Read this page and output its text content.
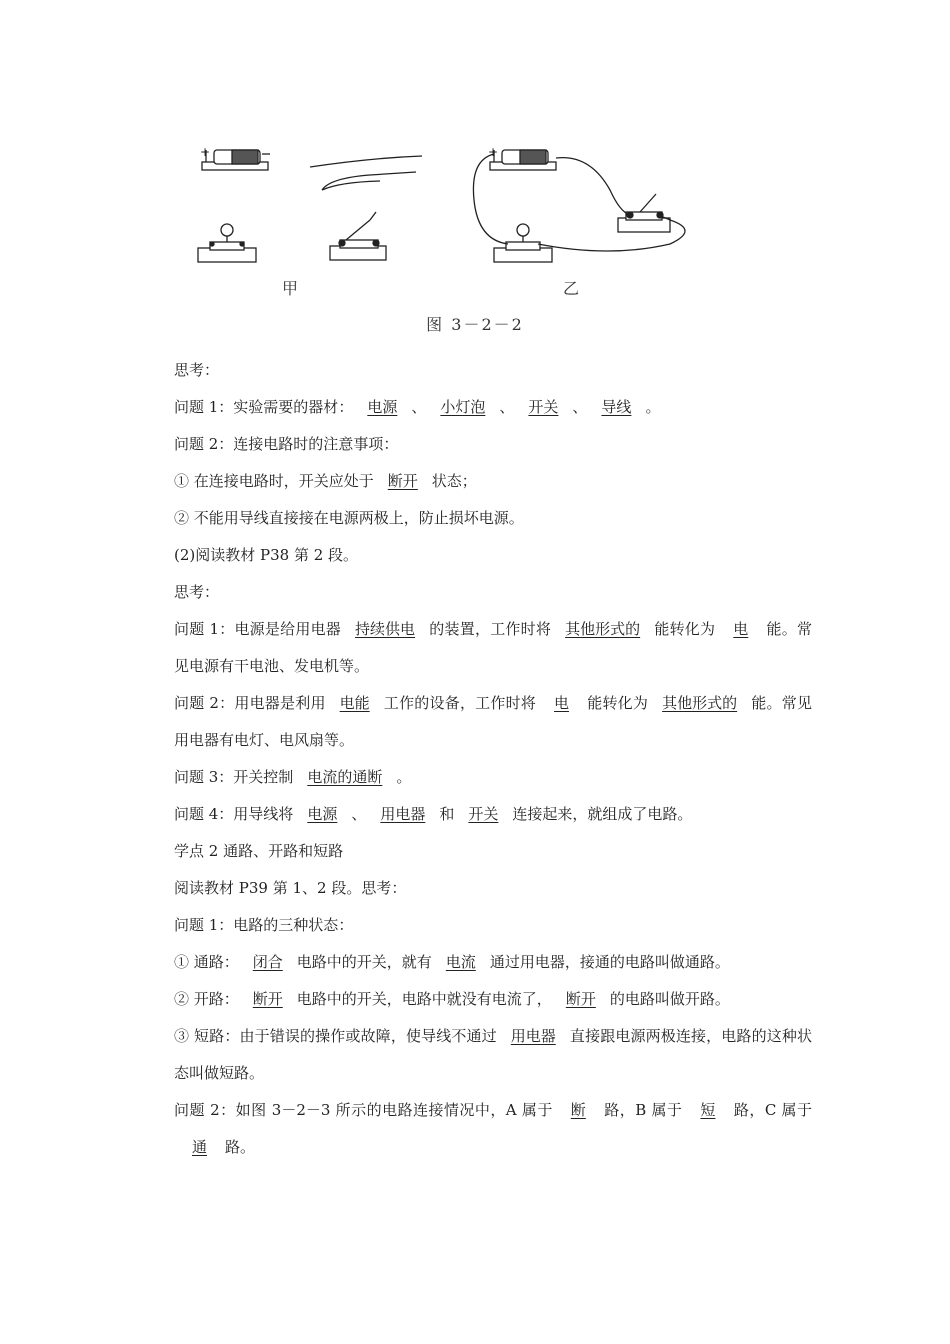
+	+
甲	乙
图 3－2－2
思考：
问题 1：实验需要的器材： 电源 、 小灯泡 、 开关 、 导线 。
问题 2：连接电路时的注意事项：
① 在连接电路时，开关应处于 断开 状态；
② 不能用导线直接接在电源两极上，防止损坏电源。
(2)阅读教材 P38 第 2 段。
思考：
问题 1：电源是给用电器 持续供电 的装置，工作时将 其他形式的 能转化为 电 能。常见电源有干电池、发电机等。
问题 2：用电器是利用 电能 工作的设备，工作时将 电 能转化为 其他形式的 能。常见用电器有电灯、电风扇等。
问题 3：开关控制 电流的通断 。
问题 4：用导线将 电源 、 用电器 和 开关 连接起来，就组成了电路。
学点 2 通路、开路和短路
阅读教材 P39 第 1、2 段。思考：
问题 1：电路的三种状态：
① 通路： 闭合 电路中的开关，就有 电流 通过用电器，接通的电路叫做通路。
② 开路： 断开 电路中的开关，电路中就没有电流了， 断开 的电路叫做开路。
③ 短路：由于错误的操作或故障，使导线不通过 用电器 直接跟电源两极连接，电路的这种状态叫做短路。
问题 2：如图 3－2－3 所示的电路连接情况中，A 属于 断 路，B 属于 短 路，C 属于通 路。
